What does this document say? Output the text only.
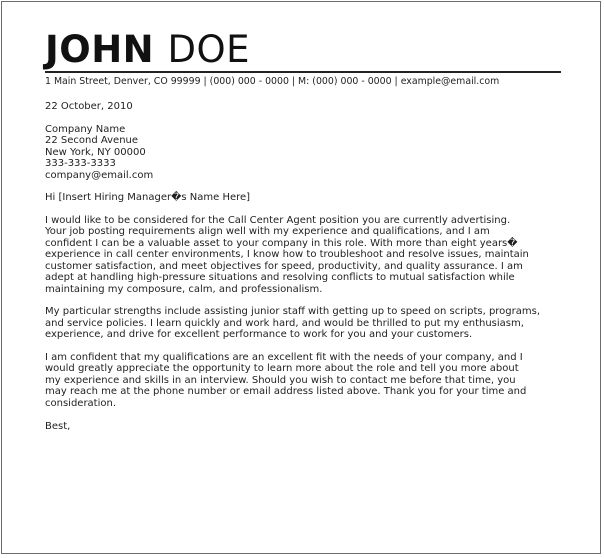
JOHN DOE
1 Main Street, Denver, CO 99999 | (000) 000 - 0000 | M: (000) 000 - 0000 | example@email.com
22 October, 2010
Company Name
22 Second Avenue
New York, NY 00000
333-333-3333
company@email.com
Hi [Insert Hiring Manager�s Name Here]
I would like to be considered for the Call Center Agent position you are currently advertising.
Your job posting requirements align well with my experience and qualifications, and I am
confident I can be a valuable asset to your company in this role. With more than eight years�
experience in call center environments, I know how to troubleshoot and resolve issues, maintain
customer satisfaction, and meet objectives for speed, productivity, and quality assurance. I am
adept at handling high-pressure situations and resolving conflicts to mutual satisfaction while
maintaining my composure, calm, and professionalism.
My particular strengths include assisting junior staff with getting up to speed on scripts, programs,
and service policies. I learn quickly and work hard, and would be thrilled to put my enthusiasm,
experience, and drive for excellent performance to work for you and your customers.
I am confident that my qualifications are an excellent fit with the needs of your company, and I
would greatly appreciate the opportunity to learn more about the role and tell you more about
my experience and skills in an interview. Should you wish to contact me before that time, you
may reach me at the phone number or email address listed above. Thank you for your time and
consideration.
Best,
